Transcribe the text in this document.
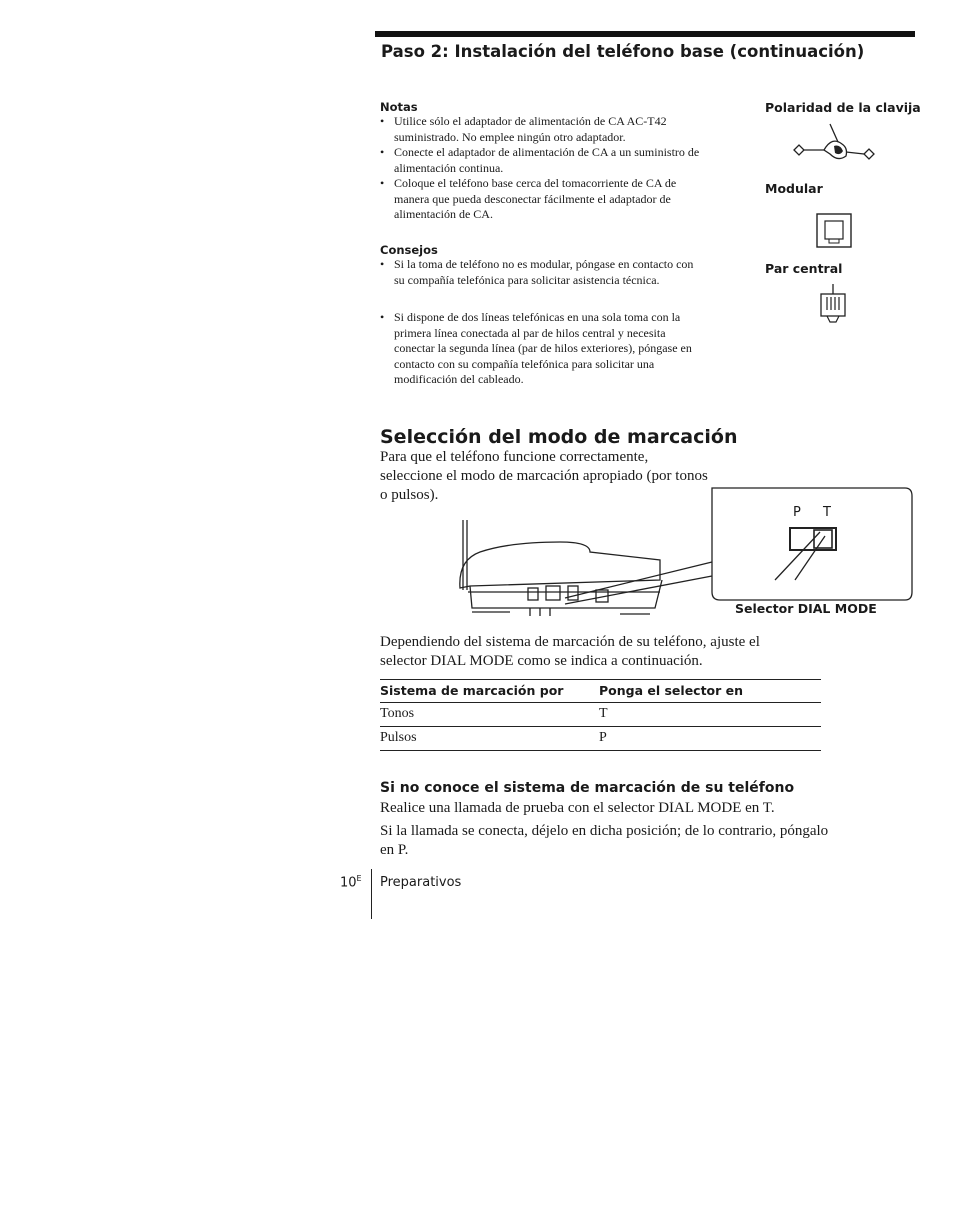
Paso 2: Instalación del teléfono base (continuación)
Notas
• Utilice sólo el adaptador de alimentación de CA AC-T42 suministrado. No emplee ningún otro adaptador.
• Conecte el adaptador de alimentación de CA a un suministro de alimentación continua.
• Coloque el teléfono base cerca del tomacorriente de CA de manera que pueda desconectar fácilmente el adaptador de alimentación de CA.
Consejos
• Si la toma de teléfono no es modular, póngase en contacto con su compañía telefónica para solicitar asistencia técnica.
• Si dispone de dos líneas telefónicas en una sola toma con la primera línea conectada al par de hilos central y necesita conectar la segunda línea (par de hilos exteriores), póngase en contacto con su compañía telefónica para solicitar una modificación del cableado.
Polaridad de la clavija
Modular
Par central
Selección del modo de marcación
Para que el teléfono funcione correctamente, seleccione el modo de marcación apropiado (por tonos o pulsos).
P T
Selector DIAL MODE
Dependiendo del sistema de marcación de su teléfono, ajuste el selector DIAL MODE como se indica a continuación.
Sistema de marcación por	Ponga el selector en
Tonos	T
Pulsos	P
Si no conoce el sistema de marcación de su teléfono
Realice una llamada de prueba con el selector DIAL MODE en T.
Si la llamada se conecta, déjelo en dicha posición; de lo contrario, póngalo en P.
$10^E$ Preparativos
